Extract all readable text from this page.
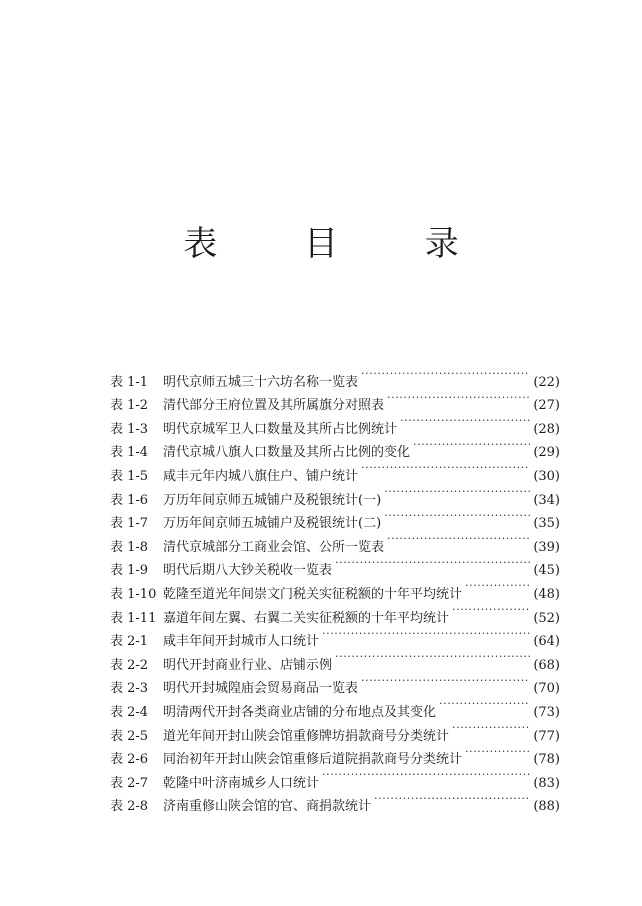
表 目 录
表 1-1	明代京师五城三十六坊名称一览表 ·····	(22)
表 1-2	清代部分王府位置及其所属旗分对照表 ·····	(27)
表 1-3	明代京城军卫人口数量及其所占比例统计 ·····	(28)
表 1-4	清代京城八旗人口数量及其所占比例的变化 ·····	(29)
表 1-5	咸丰元年内城八旗住户、铺户统计 ·····	(30)
表 1-6	万历年间京师五城铺户及税银统计(一) ·····	(34)
表 1-7	万历年间京师五城铺户及税银统计(二) ·····	(35)
表 1-8	清代京城部分工商业会馆、公所一览表 ·····	(39)
表 1-9	明代后期八大钞关税收一览表 ·····	(45)
表 1-10 乾隆至道光年间崇文门税关实征税额的十年平均统计 ·····	(48)
表 1-11 嘉道年间左翼、右翼二关实征税额的十年平均统计 ·····	(52)
表 2-1	咸丰年间开封城市人口统计 ·····	(64)
表 2-2	明代开封商业行业、店铺示例 ·····	(68)
表 2-3	明代开封城隍庙会贸易商品一览表 ·····	(70)
表 2-4	明清两代开封各类商业店铺的分布地点及其变化 ·····	(73)
表 2-5	道光年间开封山陕会馆重修牌坊捐款商号分类统计 ·····	(77)
表 2-6	同治初年开封山陕会馆重修后道院捐款商号分类统计 ·····	(78)
表 2-7	乾隆中叶济南城乡人口统计 ·····	(83)
表 2-8	济南重修山陕会馆的官、商捐款统计 ·····	(88)
